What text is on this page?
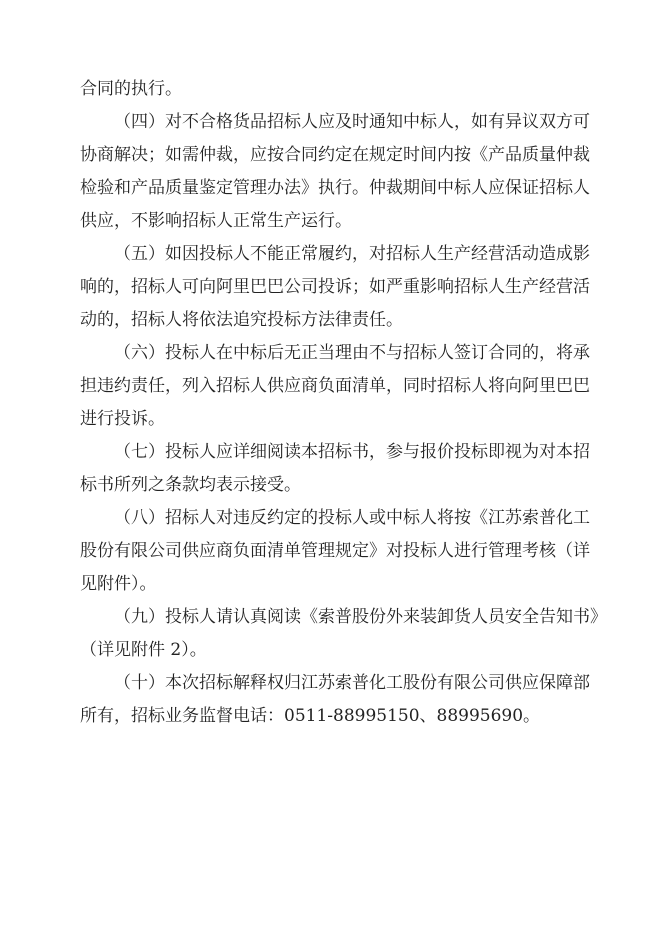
合同的执行。
（四）对不合格货品招标人应及时通知中标人，如有异议双方可
协商解决；如需仲裁，应按合同约定在规定时间内按《产品质量仲裁
检验和产品质量鉴定管理办法》执行。仲裁期间中标人应保证招标人
供应，不影响招标人正常生产运行。
（五）如因投标人不能正常履约，对招标人生产经营活动造成影
响的，招标人可向阿里巴巴公司投诉；如严重影响招标人生产经营活
动的，招标人将依法追究投标方法律责任。
（六）投标人在中标后无正当理由不与招标人签订合同的，将承
担违约责任，列入招标人供应商负面清单，同时招标人将向阿里巴巴
进行投诉。
（七）投标人应详细阅读本招标书，参与报价投标即视为对本招
标书所列之条款均表示接受。
（八）招标人对违反约定的投标人或中标人将按《江苏索普化工
股份有限公司供应商负面清单管理规定》对投标人进行管理考核（详
见附件）。
（九）投标人请认真阅读《索普股份外来装卸货人员安全告知书》
（详见附件 2）。
（十）本次招标解释权归江苏索普化工股份有限公司供应保障部
所有，招标业务监督电话：0511-88995150、88995690。
